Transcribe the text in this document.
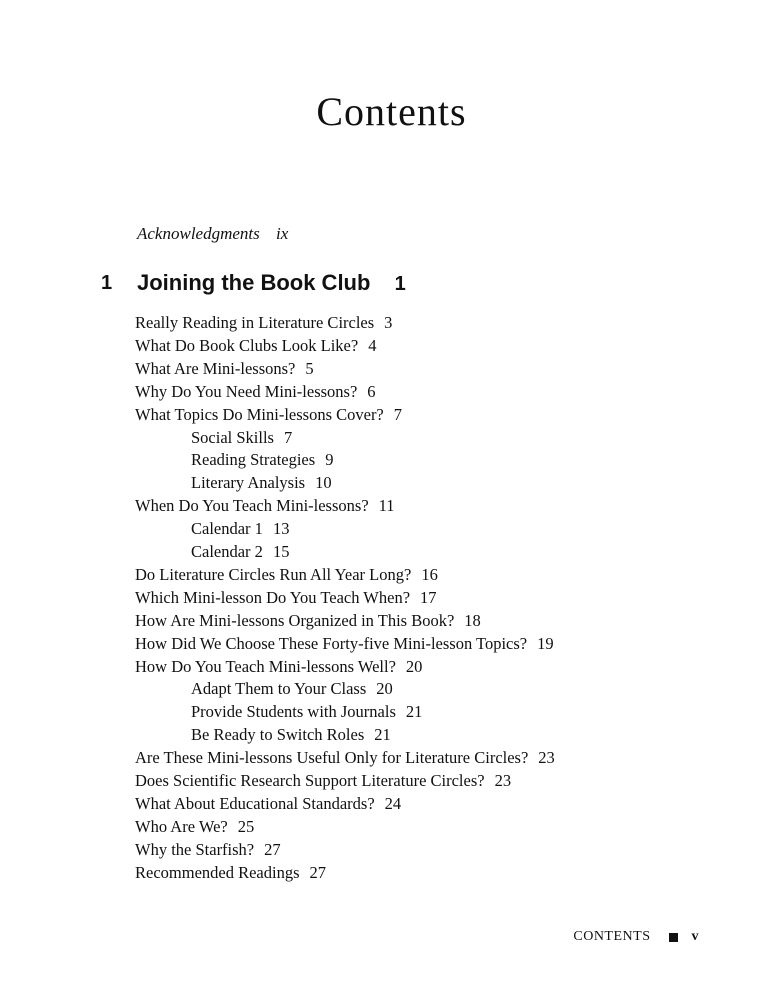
Contents
Acknowledgments ix
1 Joining the Book Club 1
Really Reading in Literature Circles 3
What Do Book Clubs Look Like? 4
What Are Mini-lessons? 5
Why Do You Need Mini-lessons? 6
What Topics Do Mini-lessons Cover? 7
Social Skills 7
Reading Strategies 9
Literary Analysis 10
When Do You Teach Mini-lessons? 11
Calendar 1 13
Calendar 2 15
Do Literature Circles Run All Year Long? 16
Which Mini-lesson Do You Teach When? 17
How Are Mini-lessons Organized in This Book? 18
How Did We Choose These Forty-five Mini-lesson Topics? 19
How Do You Teach Mini-lessons Well? 20
Adapt Them to Your Class 20
Provide Students with Journals 21
Be Ready to Switch Roles 21
Are These Mini-lessons Useful Only for Literature Circles? 23
Does Scientific Research Support Literature Circles? 23
What About Educational Standards? 24
Who Are We? 25
Why the Starfish? 27
Recommended Readings 27
CONTENTS	v
